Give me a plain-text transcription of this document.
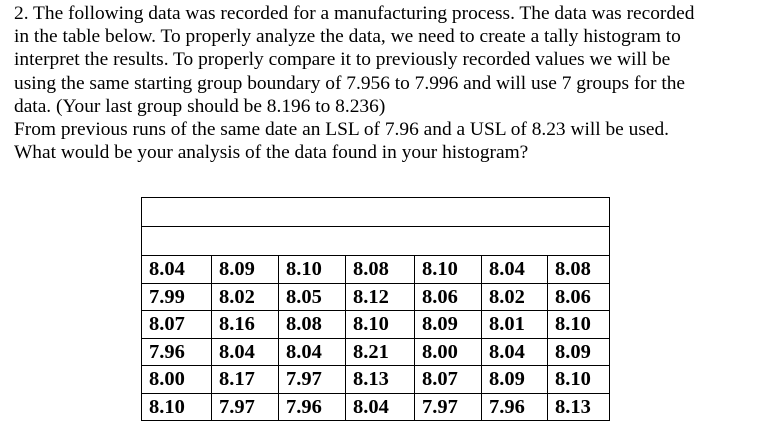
2. The following data was recorded for a manufacturing process. The data was recorded
in the table below. To properly analyze the data, we need to create a tally histogram to
interpret the results. To properly compare it to previously recorded values we will be
using the same starting group boundary of 7.956 to 7.996 and will use 7 groups for the
data. (Your last group should be 8.196 to 8.236)
From previous runs of the same date an LSL of 7.96 and a USL of 8.23 will be used.
What would be your analysis of the data found in your histogram?

8.04	8.09	8.10	8.08	8.10	8.04	8.08
7.99	8.02	8.05	8.12	8.06	8.02	8.06
8.07	8.16	8.08	8.10	8.09	8.01	8.10
7.96	8.04	8.04	8.21	8.00	8.04	8.09
8.00	8.17	7.97	8.13	8.07	8.09	8.10
8.10	7.97	7.96	8.04	7.97	7.96	8.13
